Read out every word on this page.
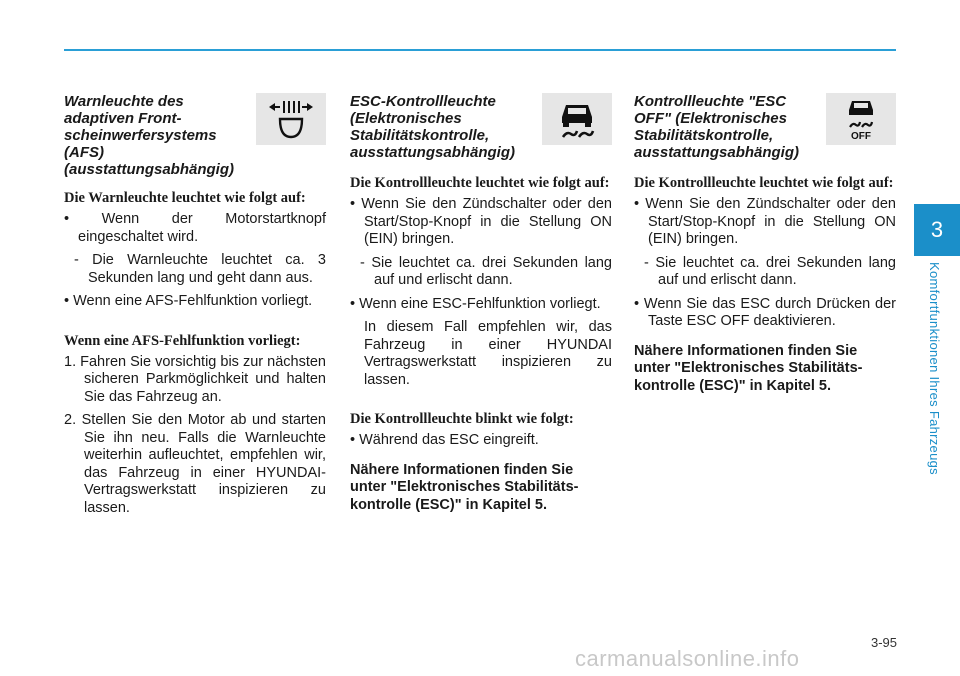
Warnleuchte des adaptiven Front-scheinwerfersystems (AFS) (ausstattungsabhängig)

Die Warnleuchte leuchtet wie folgt auf:

• Wenn der Motorstartknopf eingeschaltet wird.

- Die Warnleuchte leuchtet ca. 3 Sekunden lang und geht dann aus.

• Wenn eine AFS-Fehlfunktion vorliegt.

Wenn eine AFS-Fehlfunktion vorliegt:

1. Fahren Sie vorsichtig bis zur nächsten sicheren Parkmöglichkeit und halten Sie das Fahrzeug an.

2. Stellen Sie den Motor ab und starten Sie ihn neu. Falls die Warnleuchte weiterhin aufleuchtet, empfehlen wir, das Fahrzeug in einer HYUNDAI-Vertragswerkstatt inspizieren zu lassen.

ESC-Kontrollleuchte (Elektronisches Stabilitätskontrolle, ausstattungsabhängig)

Die Kontrollleuchte leuchtet wie folgt auf:

• Wenn Sie den Zündschalter oder den Start/Stop-Knopf in die Stellung ON (EIN) bringen.

- Sie leuchtet ca. drei Sekunden lang auf und erlischt dann.

• Wenn eine ESC-Fehlfunktion vorliegt.

In diesem Fall empfehlen wir, das Fahrzeug in einer HYUNDAI Vertragswerkstatt inspizieren zu lassen.

Die Kontrollleuchte blinkt wie folgt:

• Während das ESC eingreift.

Nähere Informationen finden Sie unter "Elektronisches Stabilitäts-kontrolle (ESC)" in Kapitel 5.

Kontrollleuchte "ESC OFF" (Elektronisches Stabilitätskontrolle, ausstattungsabhängig)

OFF

Die Kontrollleuchte leuchtet wie folgt auf:

• Wenn Sie den Zündschalter oder den Start/Stop-Knopf in die Stellung ON (EIN) bringen.

- Sie leuchtet ca. drei Sekunden lang auf und erlischt dann.

• Wenn Sie das ESC durch Drücken der Taste ESC OFF deaktivieren.

Nähere Informationen finden Sie unter "Elektronisches Stabilitäts-kontrolle (ESC)" in Kapitel 5.

3
Komfortfunktionen Ihres Fahrzeugs
3-95
carmanualsonline.info
